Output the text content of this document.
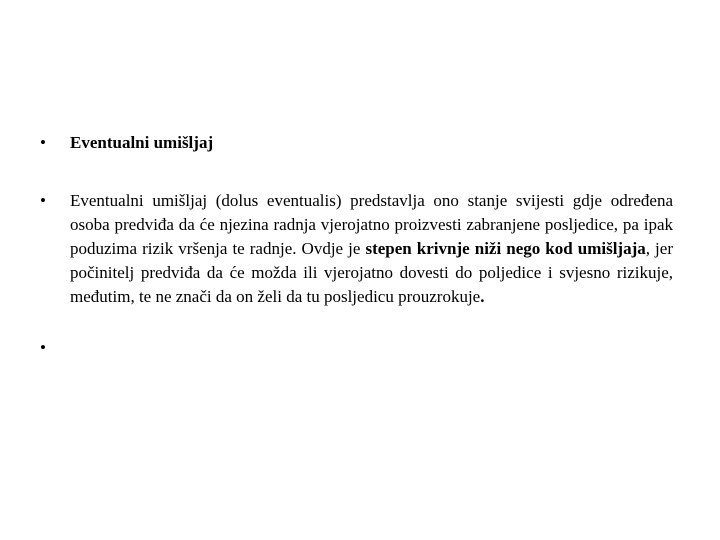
• Eventualni umišljaj
• Eventualni umišljaj (dolus eventualis) predstavlja ono stanje svijesti gdje određena osoba predviđa da će njezina radnja vjerojatno proizvesti zabranjene posljedice, pa ipak poduzima rizik vršenja te radnje. Ovdje je stepen krivnje niži nego kod umišljaja, jer počinitelj predviđa da će možda ili vjerojatno dovesti do poljedice i svjesno rizikuje, međutim, te ne znači da on želi da tu posljedicu prouzrokuje.
•
